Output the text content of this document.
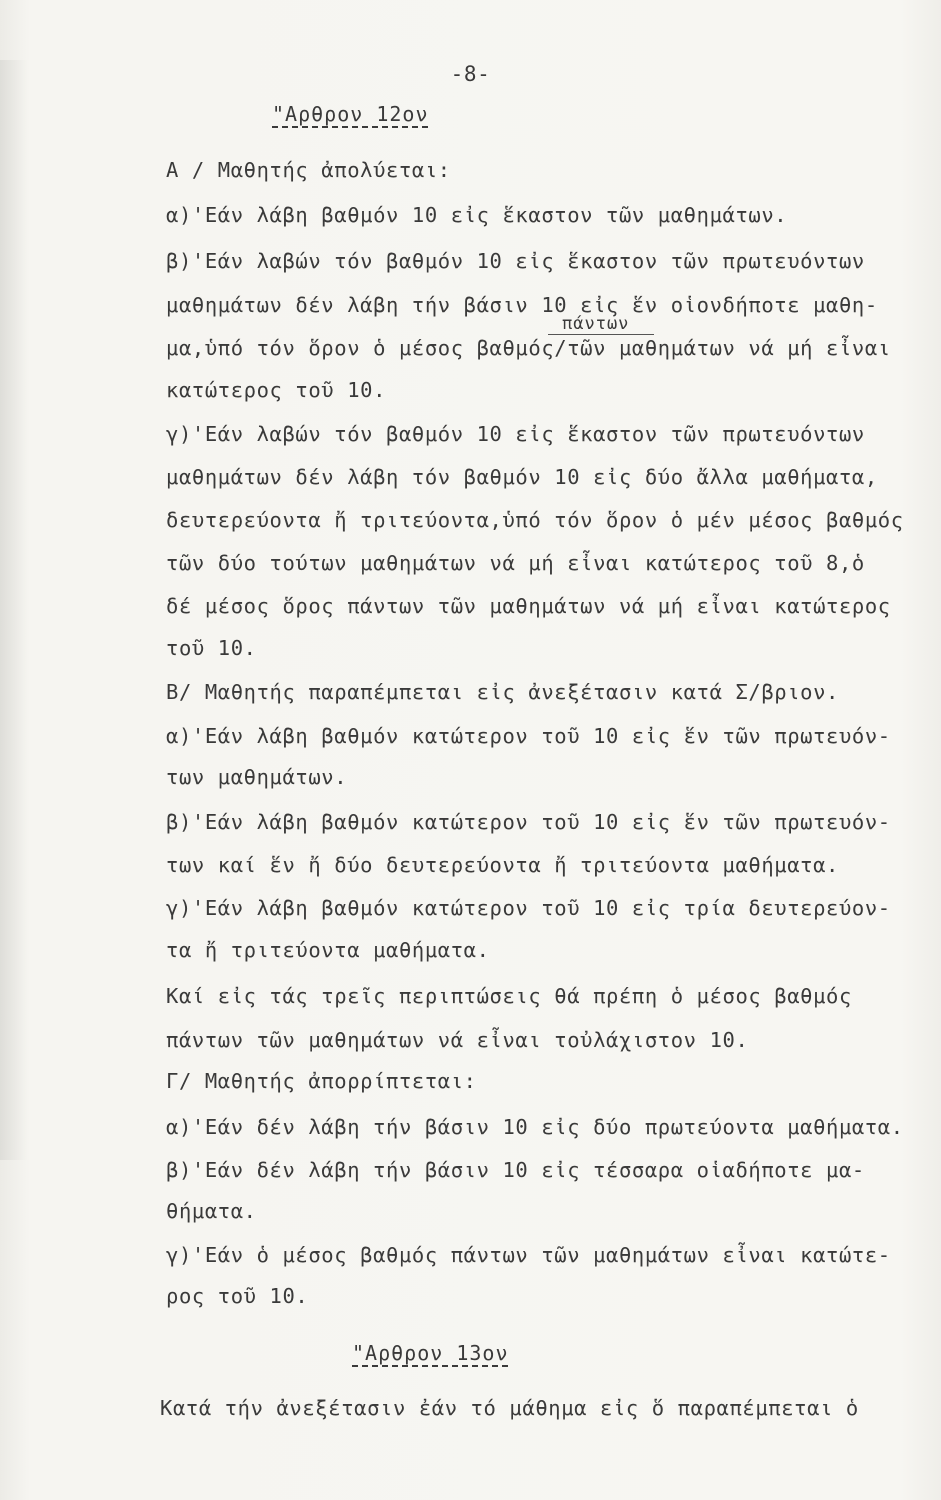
-8-
"Αρθρον 12ον
Α / Μαθητής ἀπολύεται:
α)'Εάν λάβη βαθμόν 10 εἰς ἕκαστον τῶν μαθημάτων.
β)'Εάν λαβών τόν βαθμόν 10 εἰς ἕκαστον τῶν πρωτευόντων
μαθημάτων δέν λάβη τήν βάσιν 10 εἰς ἕν οἱονδήποτε μαθη-
μα,ὑπό τόν ὅρον ὁ μέσος βαθμός/τῶν μαθημάτων νά μή εἶναι
κατώτερος τοῦ 10.
γ)'Εάν λαβών τόν βαθμόν 10 εἰς ἕκαστον τῶν πρωτευόντων
μαθημάτων δέν λάβη τόν βαθμόν 10 εἰς δύο ἄλλα μαθήματα,
δευτερεύοντα ἤ τριτεύοντα,ὑπό τόν ὅρον ὁ μέν μέσος βαθμός
τῶν δύο τούτων μαθημάτων νά μή εἶναι κατώτερος τοῦ 8,ὁ
δέ μέσος ὅρος πάντων τῶν μαθημάτων νά μή εἶναι κατώτερος
τοῦ 10.
Β/ Μαθητής παραπέμπεται εἰς ἀνεξέτασιν κατά Σ/βριον.
α)'Εάν λάβη βαθμόν κατώτερον τοῦ 10 εἰς ἕν τῶν πρωτευόν-
των μαθημάτων.
β)'Εάν λάβη βαθμόν κατώτερον τοῦ 10 εἰς ἕν τῶν πρωτευόν-
των καί ἕν ἤ δύο δευτερεύοντα ἤ τριτεύοντα μαθήματα.
γ)'Εάν λάβη βαθμόν κατώτερον τοῦ 10 εἰς τρία δευτερεύον-
τα ἤ τριτεύοντα μαθήματα.
Καί εἰς τάς τρεῖς περιπτώσεις θά πρέπη ὁ μέσος βαθμός
πάντων τῶν μαθημάτων νά εἶναι τοὐλάχιστον 10.
Γ/ Μαθητής ἀπορρίπτεται:
α)'Εάν δέν λάβη τήν βάσιν 10 εἰς δύο πρωτεύοντα μαθήματα.
β)'Εάν δέν λάβη τήν βάσιν 10 εἰς τέσσαρα οἱαδήποτε μα-
θήματα.
γ)'Εάν ὁ μέσος βαθμός πάντων τῶν μαθημάτων εἶναι κατώτε-
ρος τοῦ 10.
πάντων
"Αρθρον 13ον
Κατά τήν ἀνεξέτασιν ἐάν τό μάθημα εἰς ὅ παραπέμπεται ὁ
